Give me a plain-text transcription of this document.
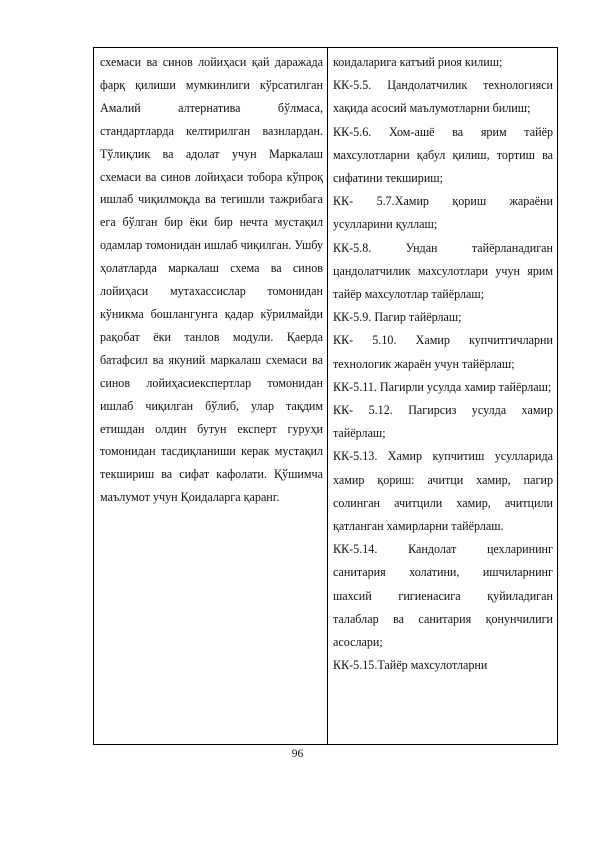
схемаси ва синов лойиҳаси қай даражада фарқ қилиши мумкинлиги кўрсатилган Амалий алтернатива бўлмаса, стандартларда келтирилган вазнлардан. Тўлиқлик ва адолат учун Маркалаш схемаси ва синов лойиҳаси тобора кўпроқ ишлаб чиқилмоқда ва тегишли тажрибага ега бўлган бир ёки бир нечта мустақил одамлар томонидан ишлаб чиқилган. Ушбу ҳолатларда маркалаш схема ва синов лойиҳаси мутахассислар томонидан кўникма бошлангунга қадар кўрилмайди рақобат ёки танлов модули. Қаерда батафсил ва якуний маркалаш схемаси ва синов лойиҳасиекспертлар томонидан ишлаб чиқилган бўлиб, улар тақдим етишдан олдин бутун експерт гуруҳи томонидан тасдиқланиши керак мустақил текшириш ва сифат кафолати. Қўшимча маълумот учун Қоидаларга қаранг.

коидаларига катъий риоя килиш;

КК-5.5. Цандолатчилик технологияси хақида асосий маълумотларни билиш;

КК-5.6. Хом-ашё ва ярим тайёр махсулотларни қабул қилиш, тортиш ва сифатини текшириш;

КК- 5.7.Хамир қориш жараёни усулларини қуллаш;

КК-5.8. Ундан тайёрланадиган цандолатчилик махсулотлари учун ярим тайёр махсулотлар тайёрлаш;

КК-5.9. Пагир тайёрлаш;

КК- 5.10. Хамир купчитгичларни технологик жараён учун тайёрлаш;

КК-5.11. Пагирли усулда хамир тайёрлаш;

КК- 5.12. Пагирсиз усулда хамир тайёрлаш;

КК-5.13. Хамир купчитиш усулларида хамир қориш: ачитци хамир, пагир солинган ачитцили хамир, ачитцили қатланган хамирларни тайёрлаш.

КК-5.14. Кандолат цехларининг санитария холатини, ишчиларнинг шахсий гигиенасига қуйиладиган талаблар ва санитария қонунчилиги асослари;

КК-5.15.Тайёр махсулотларни

96
